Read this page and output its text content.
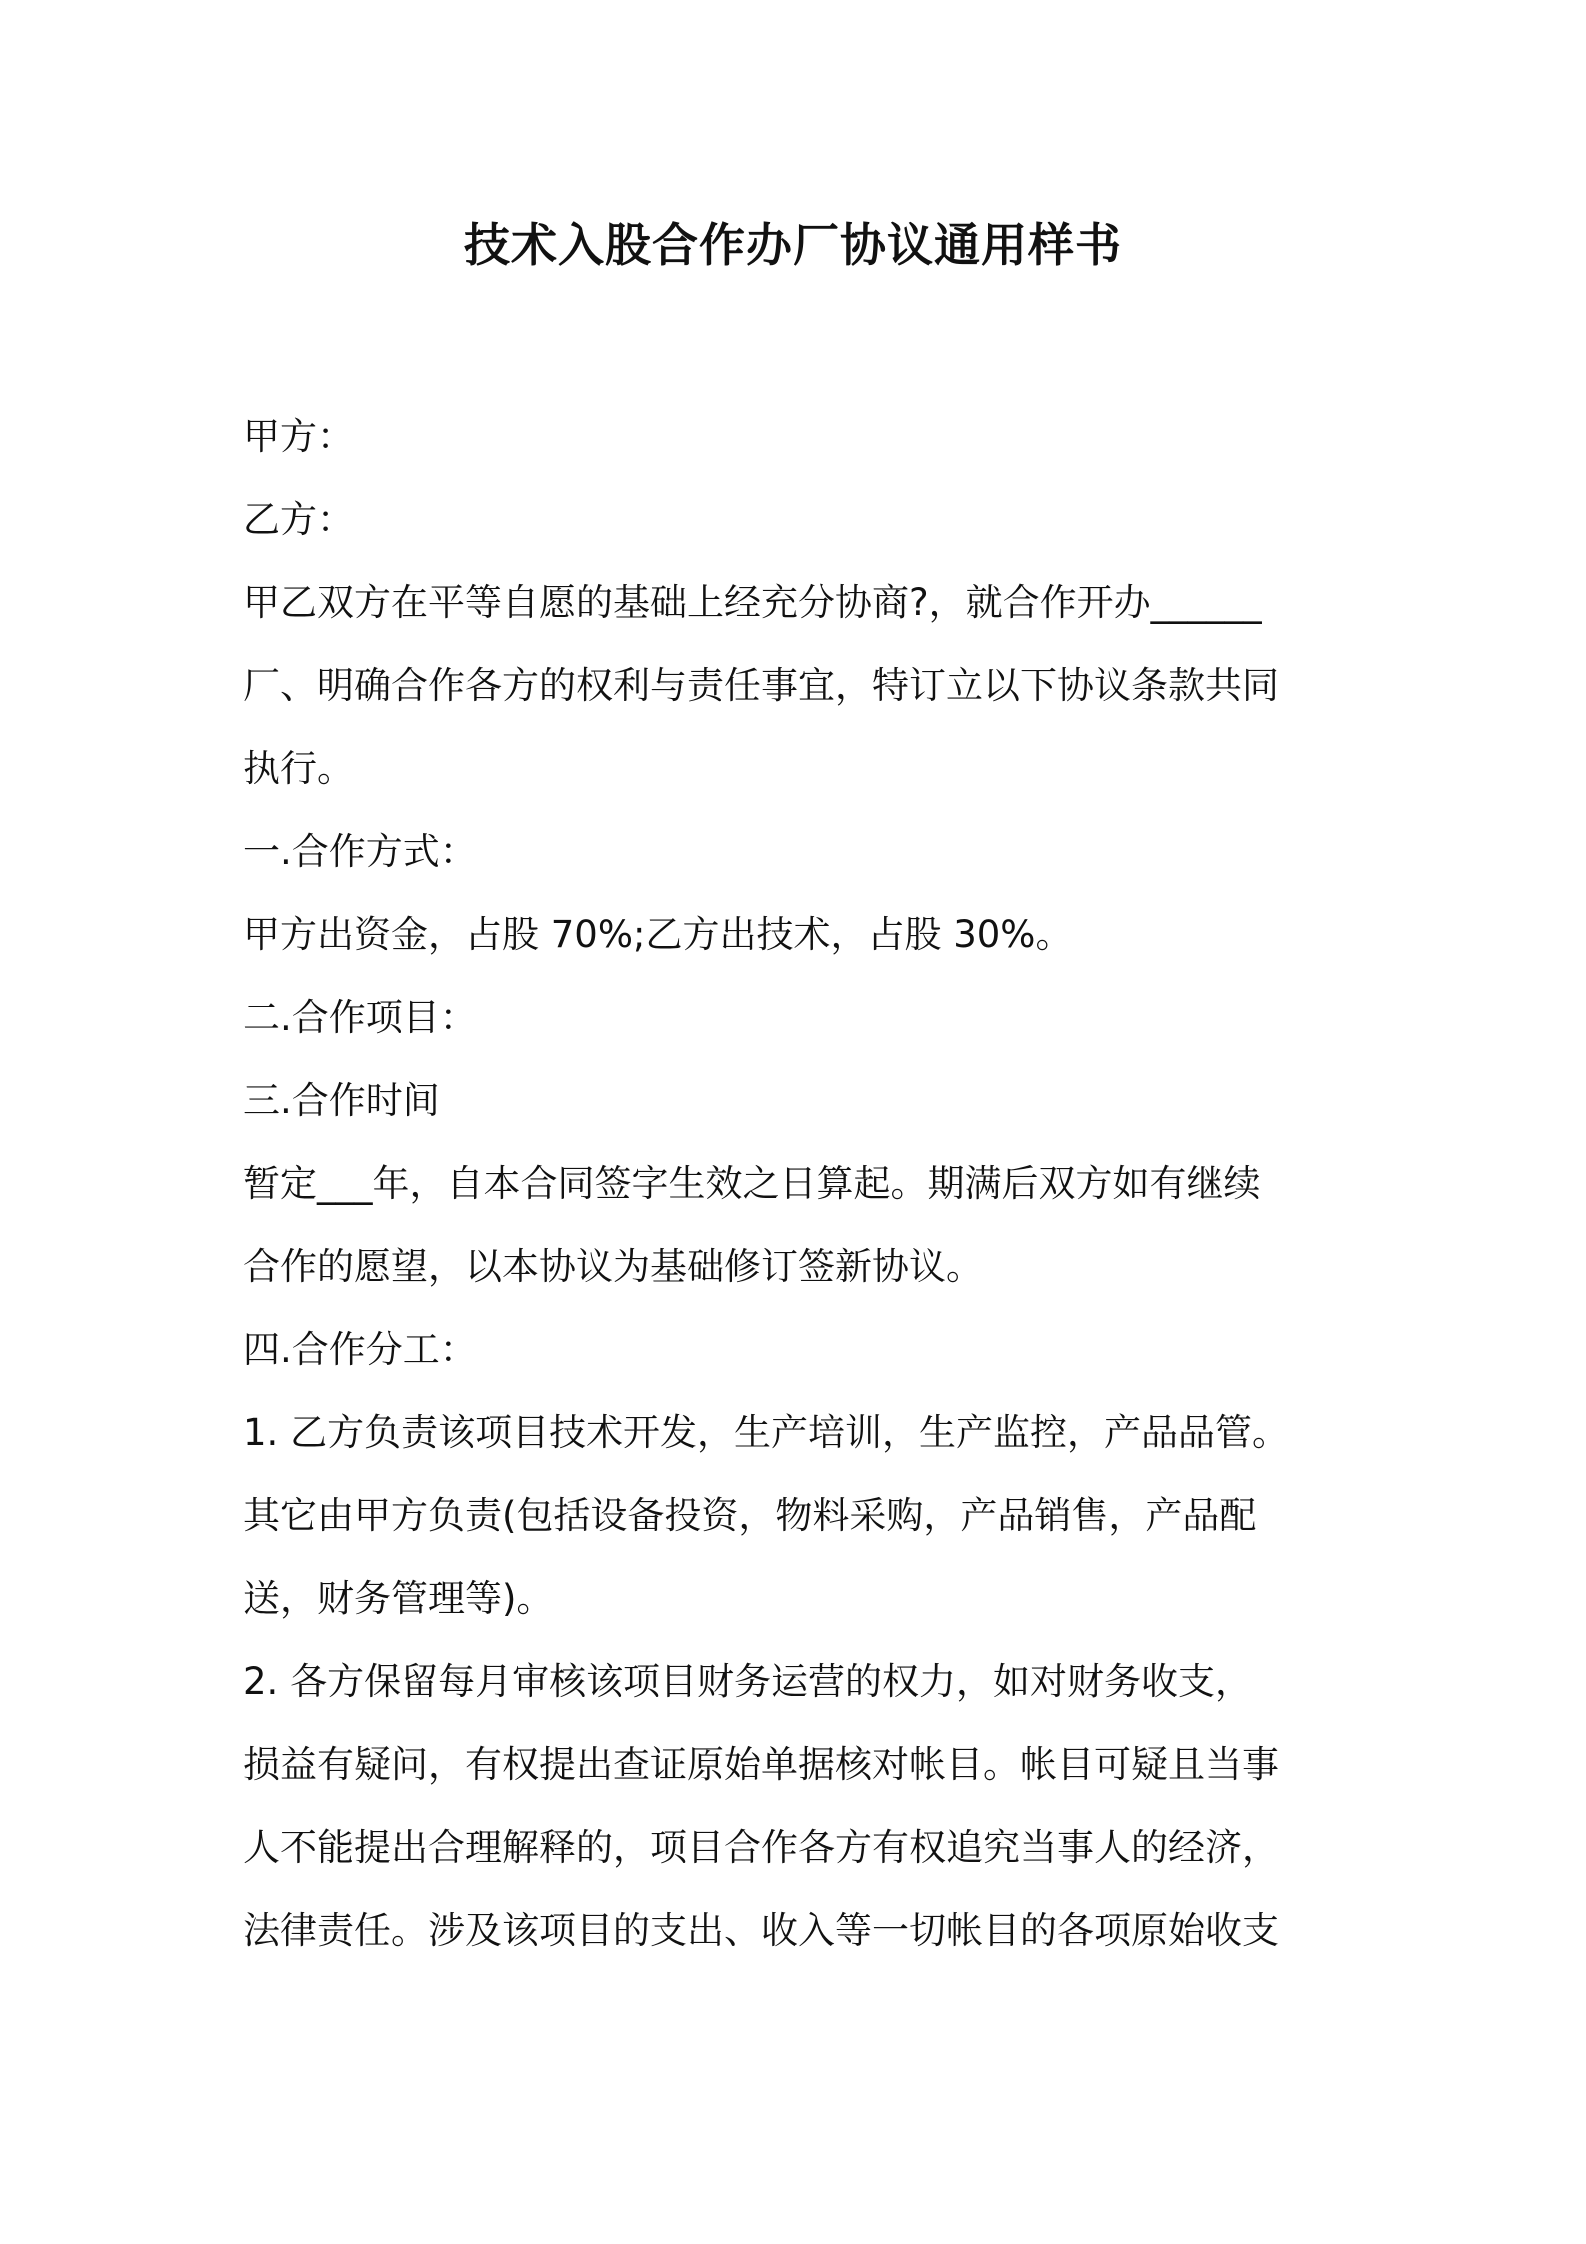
技术入股合作办厂协议通用样书
甲方：
乙方：
甲乙双方在平等自愿的基础上经充分协商?，就合作开办______
厂、明确合作各方的权利与责任事宜，特订立以下协议条款共同
执行。
一.合作方式：
甲方出资金，占股 70%;乙方出技术，占股 30%。
二.合作项目：
三.合作时间
暂定___年，自本合同签字生效之日算起。期满后双方如有继续
合作的愿望，以本协议为基础修订签新协议。
四.合作分工：
1. 乙方负责该项目技术开发，生产培训，生产监控，产品品管。
其它由甲方负责(包括设备投资，物料采购，产品销售，产品配
送，财务管理等)。
2. 各方保留每月审核该项目财务运营的权力，如对财务收支，
损益有疑问，有权提出查证原始单据核对帐目。帐目可疑且当事
人不能提出合理解释的，项目合作各方有权追究当事人的经济，
法律责任。涉及该项目的支出、收入等一切帐目的各项原始收支
